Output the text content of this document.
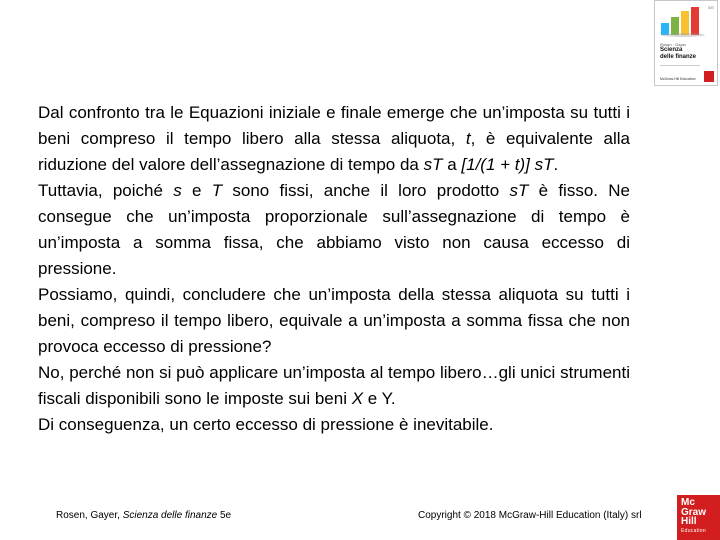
5/E
Rosen · Gayer
Scienza
delle finanze
McGraw-Hill Education

Dal confronto tra le Equazioni iniziale e finale emerge che un’imposta su tutti i beni compreso il tempo libero alla stessa aliquota, t, è equivalente alla riduzione del valore dell’assegnazione di tempo da sT a [1/(1 + t)] sT.

Tuttavia, poiché s e T sono fissi, anche il loro prodotto sT è fisso. Ne consegue che un’imposta proporzionale sull’assegnazione di tempo è un’imposta a somma fissa, che abbiamo visto non causa eccesso di pressione.

Possiamo, quindi, concludere che un’imposta della stessa aliquota su tutti i beni, compreso il tempo libero, equivale a un’imposta a somma fissa che non provoca eccesso di pressione?

No, perché non si può applicare un’imposta al tempo libero…gli unici strumenti fiscali disponibili sono le imposte sui beni X e Y.

Di conseguenza, un certo eccesso di pressione è inevitabile.

Rosen, Gayer, Scienza delle finanze 5e	Copyright © 2018 McGraw-Hill Education (Italy) srl
Mc
Graw
Hill
Education
